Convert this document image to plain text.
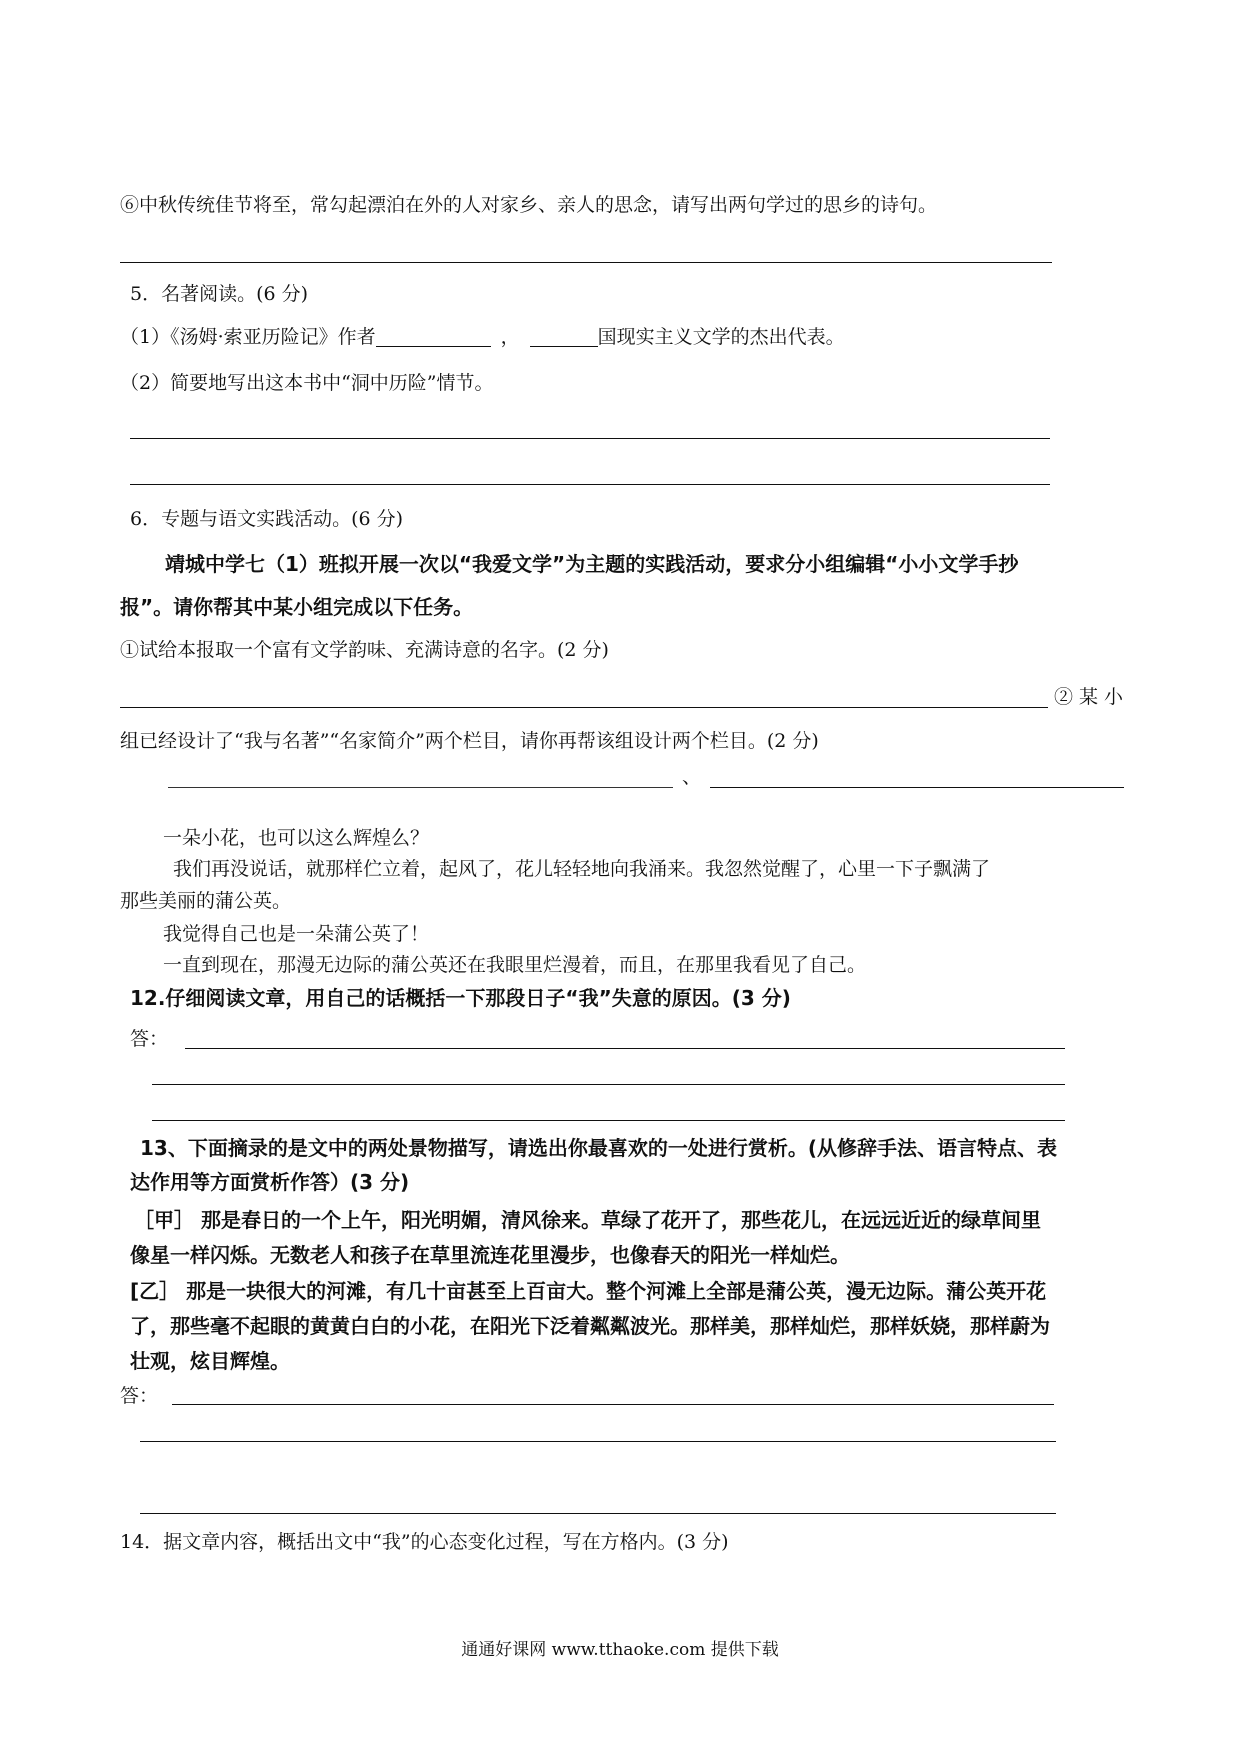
⑥中秋传统佳节将至，常勾起漂泊在外的人对家乡、亲人的思念，请写出两句学过的思乡的诗句。
5．名著阅读。(6 分)
（1）《汤姆·索亚历险记》作者	，	国现实主义文学的杰出代表。
（2）简要地写出这本书中“洞中历险”情节。
6．专题与语文实践活动。(6 分)
靖城中学七（1）班拟开展一次以“我爱文学”为主题的实践活动，要求分小组编辑“小小文学手抄
报”。请你帮其中某小组完成以下任务。
①试给本报取一个富有文学韵味、充满诗意的名字。(2 分)
②某小
组已经设计了“我与名著”“名家简介”两个栏目，请你再帮该组设计两个栏目。(2 分)
、
一朵小花，也可以这么辉煌么？
我们再没说话，就那样伫立着，起风了，花儿轻轻地向我涌来。我忽然觉醒了，心里一下子飘满了
那些美丽的蒲公英。
我觉得自己也是一朵蒲公英了！
一直到现在，那漫无边际的蒲公英还在我眼里烂漫着，而且，在那里我看见了自己。
12.仔细阅读文章，用自己的话概括一下那段日子“我”失意的原因。(3 分)
答：
13、下面摘录的是文中的两处景物描写，请选出你最喜欢的一处进行赏析。(从修辞手法、语言特点、表
达作用等方面赏析作答）(3 分)
［甲］ 那是春日的一个上午，阳光明媚，清风徐来。草绿了花开了，那些花儿，在远远近近的绿草间里
像星一样闪烁。无数老人和孩子在草里流连花里漫步，也像春天的阳光一样灿烂。
[乙］ 那是一块很大的河滩，有几十亩甚至上百亩大。整个河滩上全部是蒲公英，漫无边际。蒲公英开花
了，那些毫不起眼的黄黄白白的小花，在阳光下泛着粼粼波光。那样美，那样灿烂，那样妖娆，那样蔚为
壮观，炫目辉煌。
答：
14．据文章内容，概括出文中“我”的心态变化过程，写在方格内。(3 分)
通通好课网 www.tthaoke.com 提供下载
